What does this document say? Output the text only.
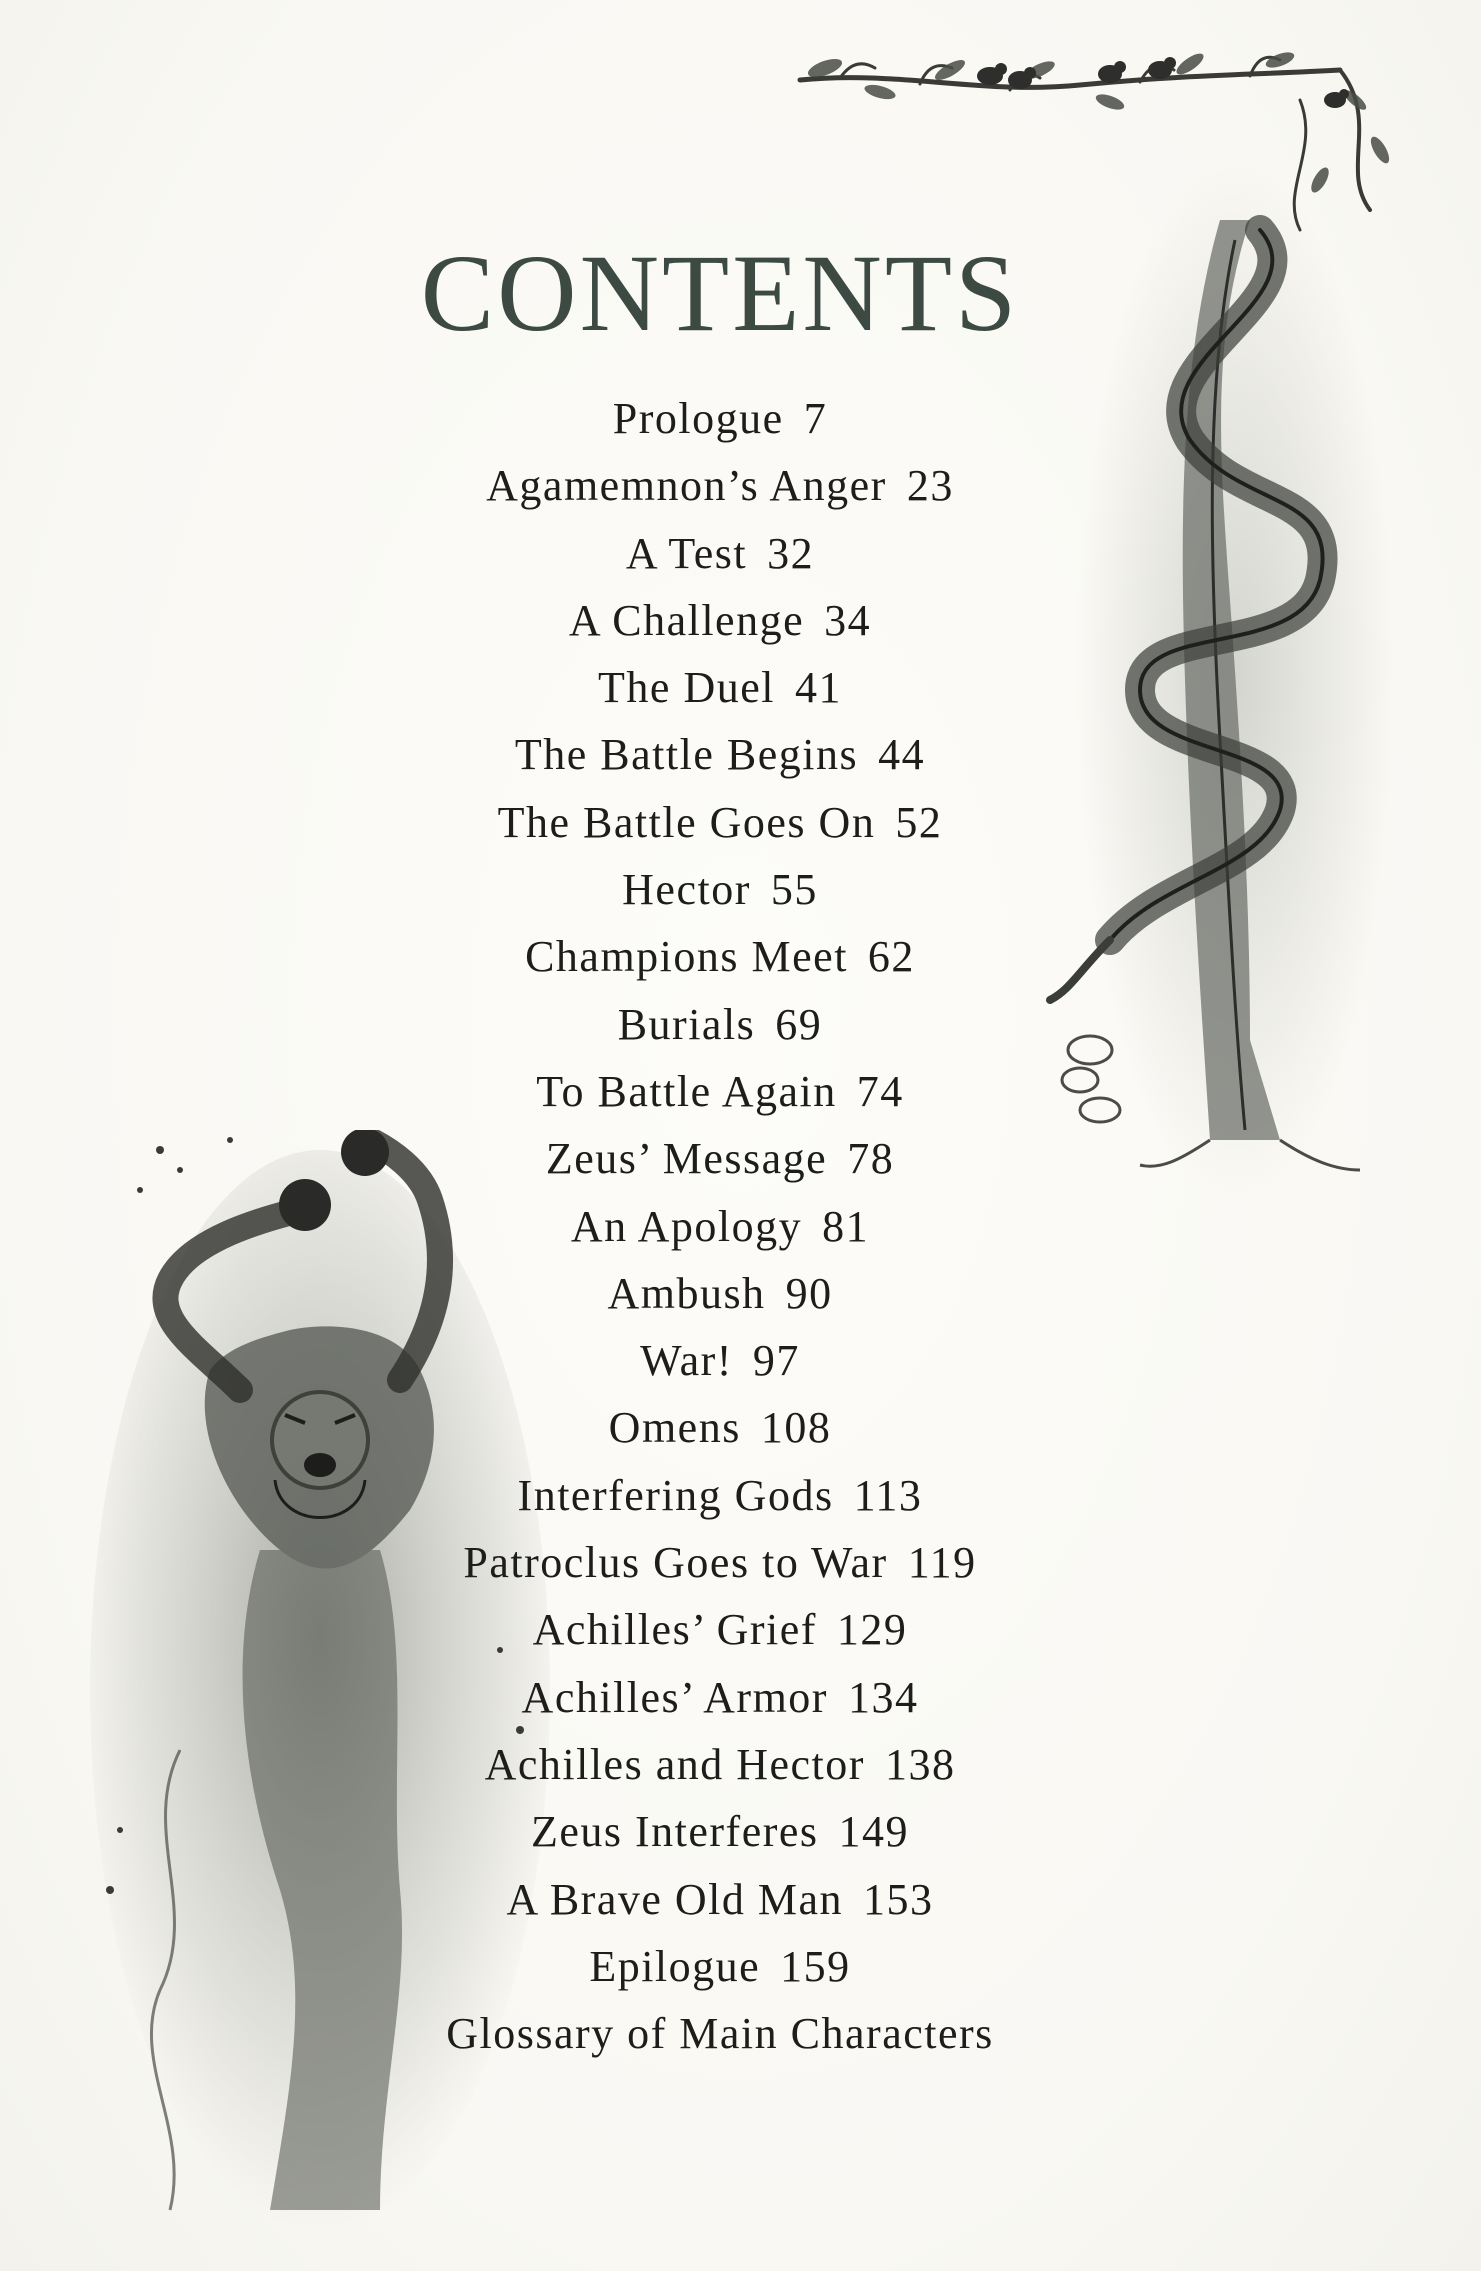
CONTENTS
Prologue 7
Agamemnon’s Anger 23
A Test 32
A Challenge 34
The Duel 41
The Battle Begins 44
The Battle Goes On 52
Hector 55
Champions Meet 62
Burials 69
To Battle Again 74
Zeus’ Message 78
An Apology 81
Ambush 90
War! 97
Omens 108
Interfering Gods 113
Patroclus Goes to War 119
Achilles’ Grief 129
Achilles’ Armor 134
Achilles and Hector 138
Zeus Interferes 149
A Brave Old Man 153
Epilogue 159
Glossary of Main Characters
